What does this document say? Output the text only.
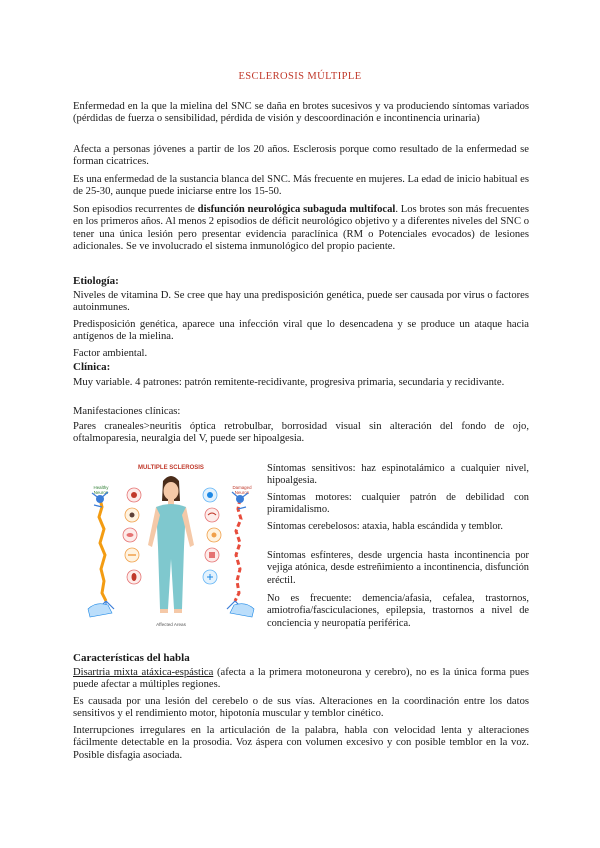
ESCLEROSIS MÚLTIPLE

Enfermedad en la que la mielina del SNC se daña en brotes sucesivos y va produciendo síntomas variados (pérdidas de fuerza o sensibilidad, pérdida de visión y descoordinación e incontinencia urinaria)

Afecta a personas jóvenes a partir de los 20 años. Esclerosis porque como resultado de la enfermedad se forman cicatrices.

Es una enfermedad de la sustancia blanca del SNC. Más frecuente en mujeres. La edad de inicio habitual es de 25-30, aunque puede iniciarse entre los 15-50.

Son episodios recurrentes de disfunción neurológica subaguda multifocal. Los brotes son más frecuentes en los primeros años. Al menos 2 episodios de déficit neurológico objetivo y a diferentes niveles del SNC o tener una única lesión pero presentar evidencia paraclínica (RM o Potenciales evocados) de lesiones adicionales. Se ve involucrado el sistema inmunológico del propio paciente.

Etiología:

Niveles de vitamina D. Se cree que hay una predisposición genética, puede ser causada por virus o factores autoinmunes.

Predisposición genética, aparece una infección viral que lo desencadena y se produce un ataque hacia antígenos de la mielina.

Factor ambiental.

Clínica:

Muy variable. 4 patrones: patrón remitente-recidivante, progresiva primaria, secundaria y recidivante.

Manifestaciones clínicas:

Pares craneales>neuritis óptica retrobulbar, borrosidad visual sin alteración del fondo de ojo, oftalmoparesia, neuralgia del V, puede ser hipoalgesia.

MULTIPLE SCLEROSIS
Healthy Neuron
Damaged Neuron
Affected Areas

Síntomas sensitivos: haz espinotalámico a cualquier nivel, hipoalgesia.

Síntomas motores: cualquier patrón de debilidad con piramidalismo.

Síntomas cerebelosos: ataxia, habla escándida y temblor.

Síntomas esfínteres, desde urgencia hasta incontinencia por vejiga atónica, desde estreñimiento a incontinencia, disfunción eréctil.

No es frecuente: demencia/afasia, cefalea, trastornos, amiotrofia/fasciculaciones, epilepsia, trastornos a nivel de conciencia y neuropatía periférica.

Características del habla

Disartria mixta atáxica-espástica (afecta a la primera motoneurona y cerebro), no es la única forma pues puede afectar a múltiples regiones.

Es causada por una lesión del cerebelo o de sus vías. Alteraciones en la coordinación entre los datos sensitivos y el rendimiento motor, hipotonía muscular y temblor cinético.

Interrupciones irregulares en la articulación de la palabra, habla con velocidad lenta y alteraciones fácilmente detectable en la prosodia. Voz áspera con volumen excesivo y con posible temblor en la voz. Posible disfagia asociada.
